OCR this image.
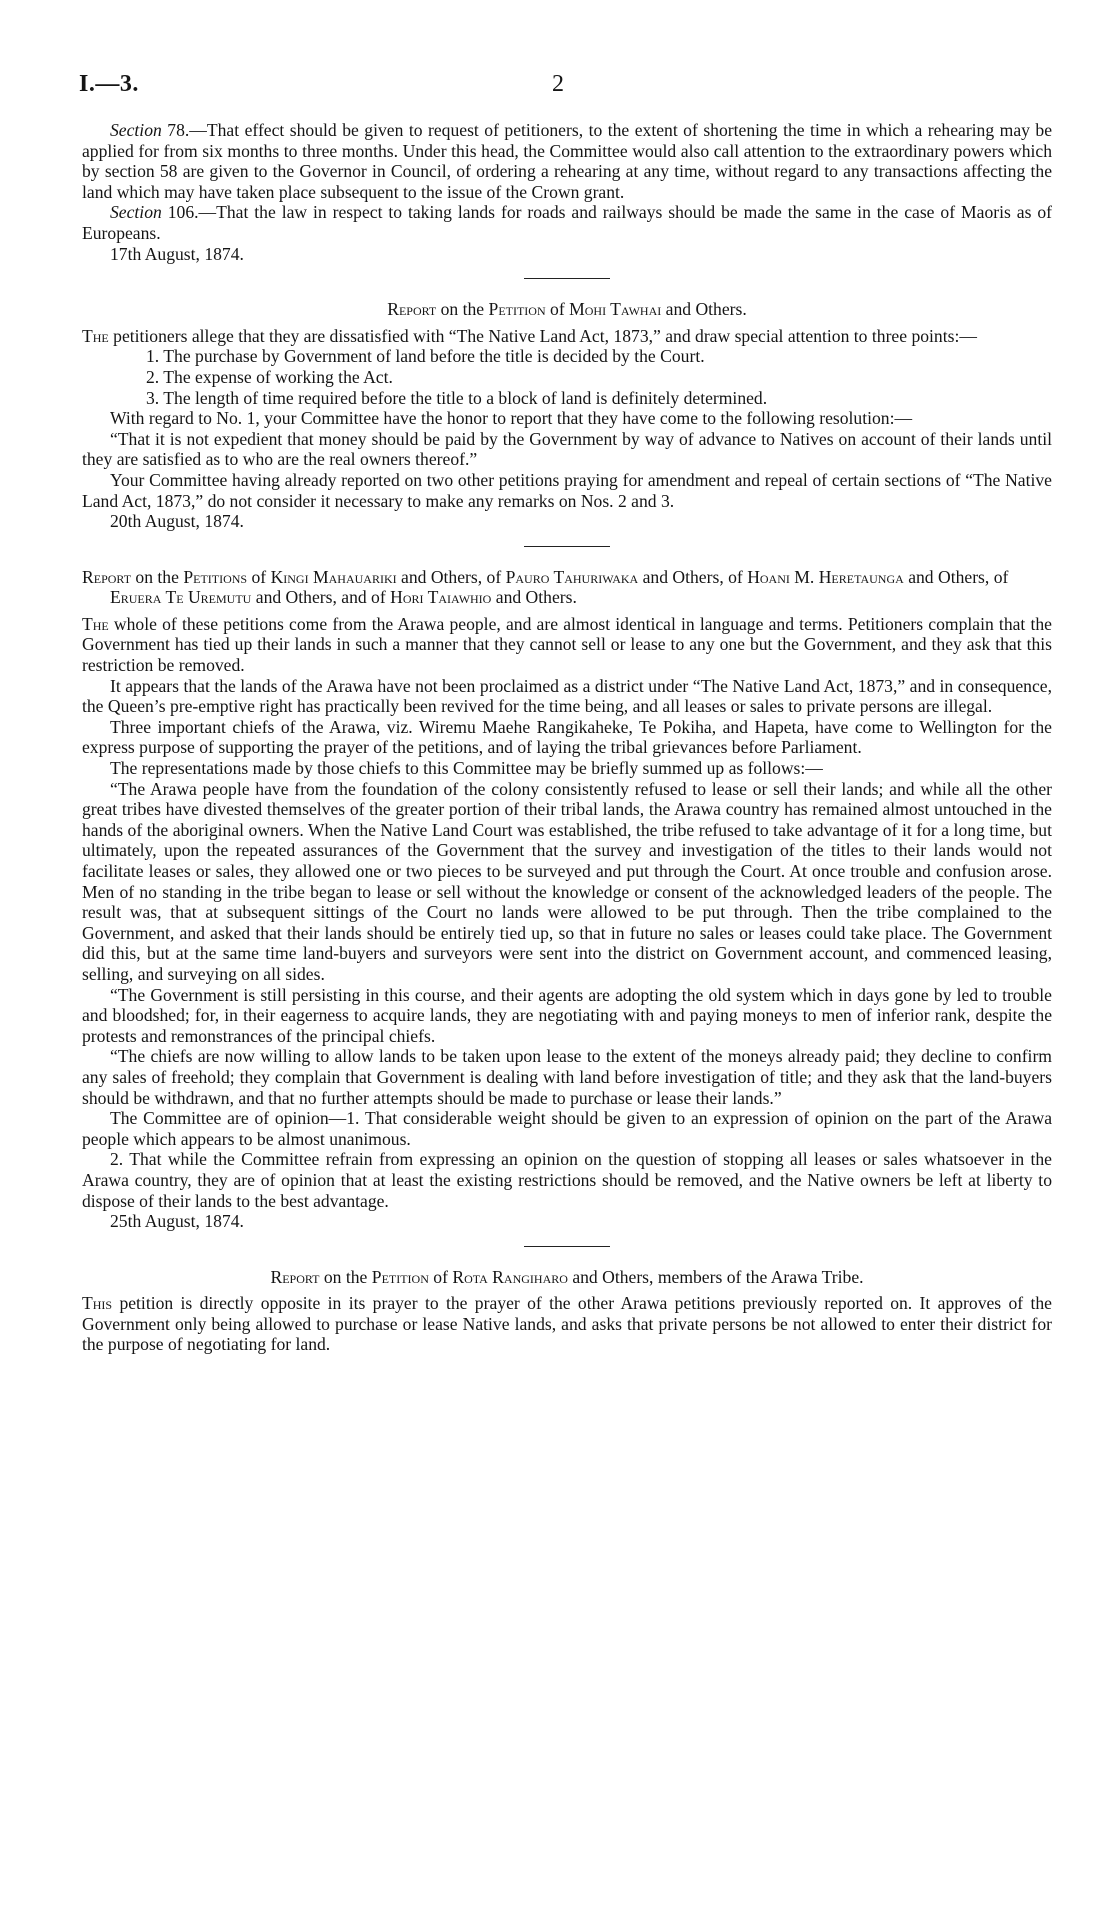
I.—3.	2

Section 78.—That effect should be given to request of petitioners, to the extent of shortening the time in which a rehearing may be applied for from six months to three months. Under this head, the Committee would also call attention to the extraordinary powers which by section 58 are given to the Governor in Council, of ordering a rehearing at any time, without regard to any transactions affecting the land which may have taken place subsequent to the issue of the Crown grant.

Section 106.—That the law in respect to taking lands for roads and railways should be made the same in the case of Maoris as of Europeans.

17th August, 1874.

Report on the Petition of Mohi Tawhai and Others.

The petitioners allege that they are dissatisfied with “The Native Land Act, 1873,” and draw special attention to three points:—

1. The purchase by Government of land before the title is decided by the Court.

2. The expense of working the Act.

3. The length of time required before the title to a block of land is definitely determined.

With regard to No. 1, your Committee have the honor to report that they have come to the following resolution:—

“That it is not expedient that money should be paid by the Government by way of advance to Natives on account of their lands until they are satisfied as to who are the real owners thereof.”

Your Committee having already reported on two other petitions praying for amendment and repeal of certain sections of “The Native Land Act, 1873,” do not consider it necessary to make any remarks on Nos. 2 and 3.

20th August, 1874.

Report on the Petitions of Kingi Mahauariki and Others, of Pauro Tahuriwaka and Others, of Hoani M. Heretaunga and Others, of Eruera Te Uremutu and Others, and of Hori Taiawhio and Others.

The whole of these petitions come from the Arawa people, and are almost identical in language and terms. Petitioners complain that the Government has tied up their lands in such a manner that they cannot sell or lease to any one but the Government, and they ask that this restriction be removed.

It appears that the lands of the Arawa have not been proclaimed as a district under “The Native Land Act, 1873,” and in consequence, the Queen’s pre-emptive right has practically been revived for the time being, and all leases or sales to private persons are illegal.

Three important chiefs of the Arawa, viz. Wiremu Maehe Rangikaheke, Te Pokiha, and Hapeta, have come to Wellington for the express purpose of supporting the prayer of the petitions, and of laying the tribal grievances before Parliament.

The representations made by those chiefs to this Committee may be briefly summed up as follows:—

“The Arawa people have from the foundation of the colony consistently refused to lease or sell their lands; and while all the other great tribes have divested themselves of the greater portion of their tribal lands, the Arawa country has remained almost untouched in the hands of the aboriginal owners. When the Native Land Court was established, the tribe refused to take advantage of it for a long time, but ultimately, upon the repeated assurances of the Government that the survey and investigation of the titles to their lands would not facilitate leases or sales, they allowed one or two pieces to be surveyed and put through the Court. At once trouble and confusion arose. Men of no standing in the tribe began to lease or sell without the knowledge or consent of the acknowledged leaders of the people. The result was, that at subsequent sittings of the Court no lands were allowed to be put through. Then the tribe complained to the Government, and asked that their lands should be entirely tied up, so that in future no sales or leases could take place. The Government did this, but at the same time land-buyers and surveyors were sent into the district on Government account, and commenced leasing, selling, and surveying on all sides.

“The Government is still persisting in this course, and their agents are adopting the old system which in days gone by led to trouble and bloodshed; for, in their eagerness to acquire lands, they are negotiating with and paying moneys to men of inferior rank, despite the protests and remonstrances of the principal chiefs.

“The chiefs are now willing to allow lands to be taken upon lease to the extent of the moneys already paid; they decline to confirm any sales of freehold; they complain that Government is dealing with land before investigation of title; and they ask that the land-buyers should be withdrawn, and that no further attempts should be made to purchase or lease their lands.”

The Committee are of opinion—1. That considerable weight should be given to an expression of opinion on the part of the Arawa people which appears to be almost unanimous.

2. That while the Committee refrain from expressing an opinion on the question of stopping all leases or sales whatsoever in the Arawa country, they are of opinion that at least the existing restrictions should be removed, and the Native owners be left at liberty to dispose of their lands to the best advantage.

25th August, 1874.

Report on the Petition of Rota Rangiharo and Others, members of the Arawa Tribe.

This petition is directly opposite in its prayer to the prayer of the other Arawa petitions previously reported on. It approves of the Government only being allowed to purchase or lease Native lands, and asks that private persons be not allowed to enter their district for the purpose of negotiating for land.
